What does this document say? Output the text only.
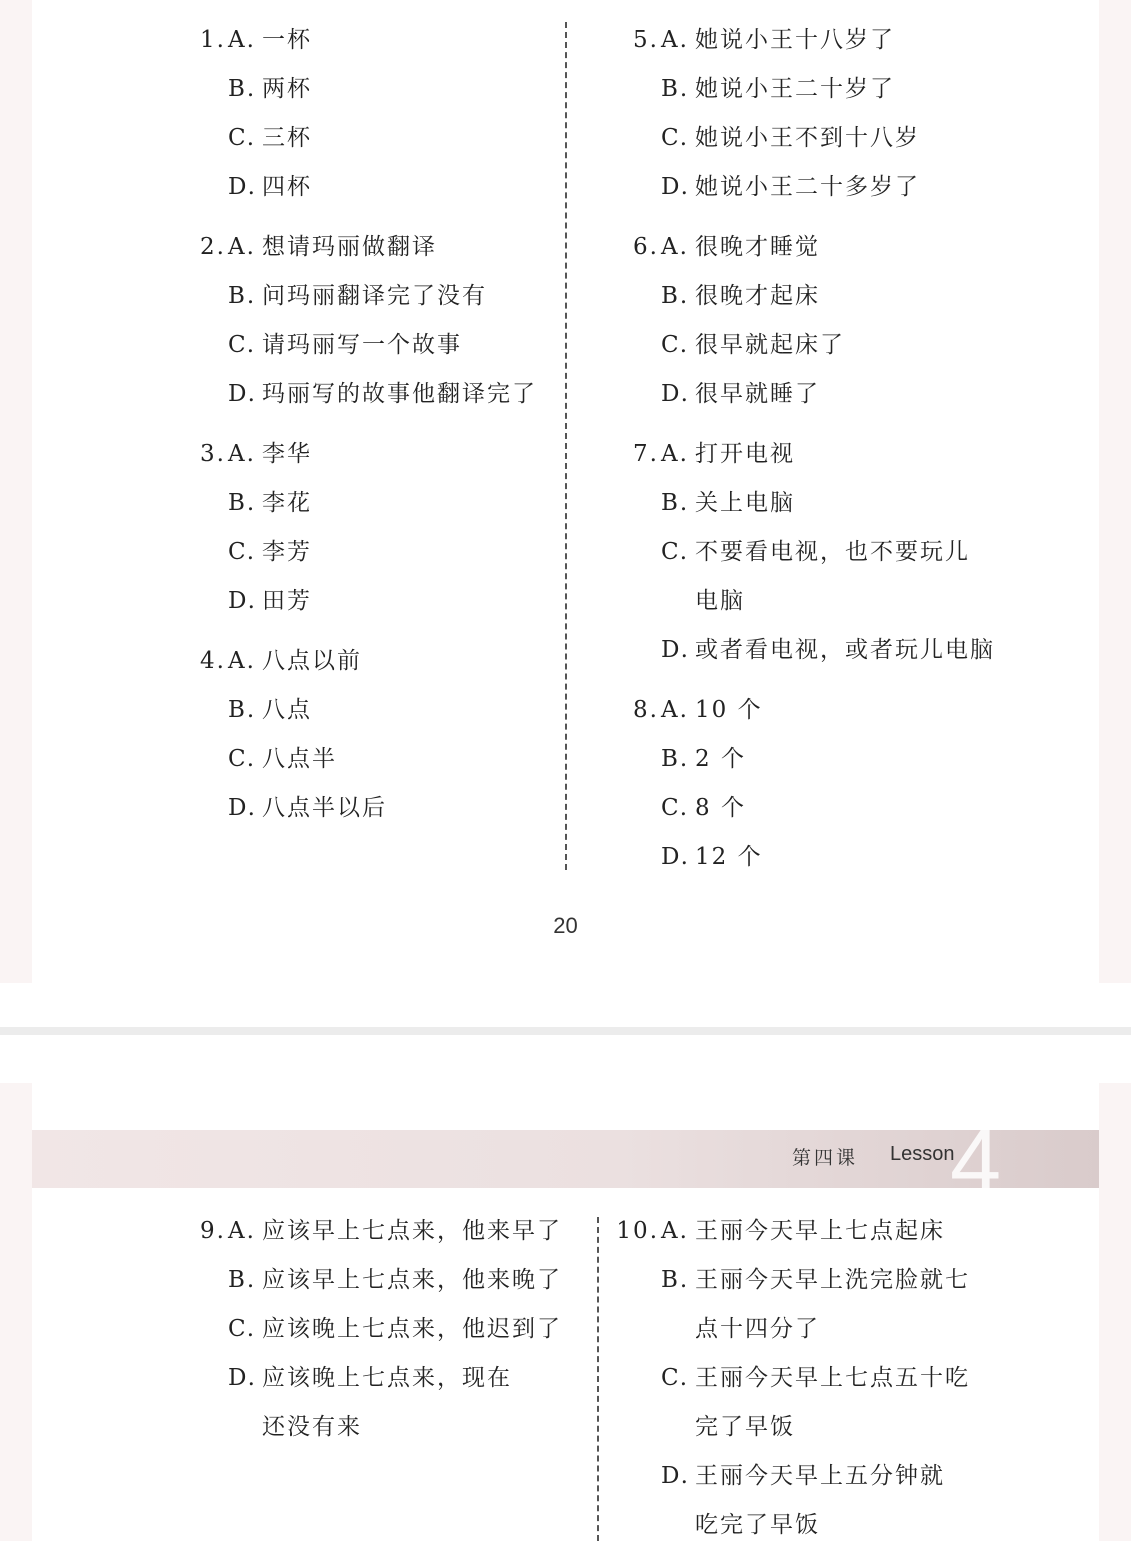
1. A. 一杯
B. 两杯
C. 三杯
D. 四杯
2. A. 想请玛丽做翻译
B. 问玛丽翻译完了没有
C. 请玛丽写一个故事
D. 玛丽写的故事他翻译完了
3. A. 李华
B. 李花
C. 李芳
D. 田芳
4. A. 八点以前
B. 八点
C. 八点半
D. 八点半以后
5. A. 她说小王十八岁了
B. 她说小王二十岁了
C. 她说小王不到十八岁
D. 她说小王二十多岁了
6. A. 很晚才睡觉
B. 很晚才起床
C. 很早就起床了
D. 很早就睡了
7. A. 打开电视
B. 关上电脑
C. 不要看电视，也不要玩儿
电脑
D. 或者看电视，或者玩儿电脑
8. A. 10 个
B. 2 个
C. 8 个
D. 12 个
20
第四课 Lesson
4
9. A. 应该早上七点来，他来早了
B. 应该早上七点来，他来晚了
C. 应该晚上七点来，他迟到了
D. 应该晚上七点来，现在
还没有来
10. A. 王丽今天早上七点起床
B. 王丽今天早上洗完脸就七
点十四分了
C. 王丽今天早上七点五十吃
完了早饭
D. 王丽今天早上五分钟就
吃完了早饭
